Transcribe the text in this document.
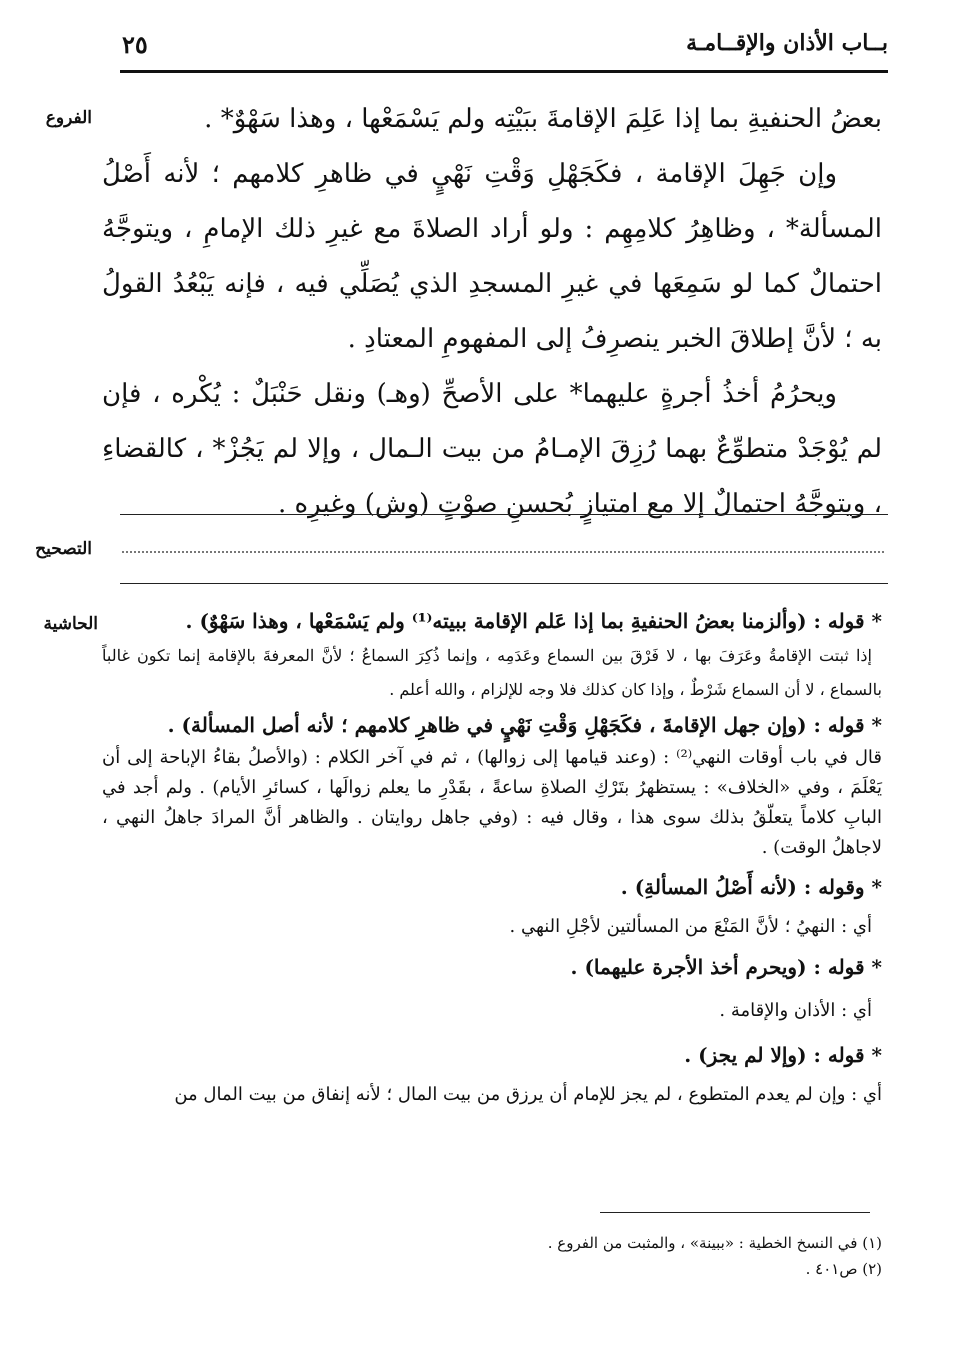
بــاب الأذان والإقــامـة
٢٥
الفروع
التصحيح
الحاشية

بعضُ الحنفيةِ بما إذا عَلِمَ الإقامةَ ببَيْتِه ولم يَسْمَعْها ، وهذا سَهْوٌ* .

وإن جَهِلَ الإقامة ، فكَجَهْلِ وَقْتِ نَهْيٍ في ظاهرِ كلامهم ؛ لأنه أَصْلُ المسألة* ، وظاهِرُ كلامِهِم : ولو أراد الصلاةَ مع غيرِ ذلك الإمامِ ، ويتوجَّهُ احتمالٌ كما لو سَمِعَها في غيرِ المسجدِ الذي يُصَلِّي فيه ، فإنه يَبْعُدُ القولُ به ؛ لأنَّ إطلاقَ الخبر ينصرِفُ إلى المفهومِ المعتادِ .

ويحرُمُ أخذُ أجرةٍ عليهما* على الأصحِّ (وهـ) ونقل حَنْبَلٌ : يُكْره ، فإن لم يُوْجَدْ متطوِّعٌ بهما رُزِقَ الإمـامُ من بيت الـمال ، وإلا لم يَجُزْ* ، كالقضاءِ ، ويتوجَّهُ احتمالٌ إلا مع امتيازٍ بُحسنِ صوْتٍ (وش) وغيرِه .

* قوله : (وألزمنا بعضُ الحنفيةِ بما إذا عَلم الإقامة ببيته⁽¹⁾ ولم يَسْمَعْها ، وهذا سَهْوٌ) .

إذا ثبتت الإقامةُ وعَرَفَ بها ، لا فَرْقَ بين السماع وعَدَمِه ، وإنما ذُكِرَ السماعُ ؛ لأنَّ المعرفةَ بالإقامة إنما تكون غالباً بالسماع ، لا أن السماع شَرْطٌ ، وإذا كان كذلك فلا وجه للإلزام ، والله أعلم .

* قوله : (وإن جهل الإقامةَ ، فكَجَهْلِ وَقْتِ نَهْيٍ في ظاهرِ كلامهم ؛ لأنه أصل المسألة) .

قال في باب أوقات النهي⁽²⁾ : (وعند قيامها إلى زوالها) ، ثم في آخر الكلام : (والأصلُ بقاءُ الإباحة إلى أن يَعْلَمَ ، وفي «الخلاف» : يستظهرُ بتَرْكِ الصلاةِ ساعةً ، بقَدْرِ ما يعلم زوالَها ، كسائرِ الأيام) . ولم أجد في البابِ كلاماً يتعلّقُ بذلك سوى هذا ، وقال فيه : (وفي جاهل روايتان . والظاهر أنَّ المرادَ جاهلُ النهي ، لاجاهلُ الوقت) .

* وقوله : (لأنه أَصْلُ المسألةِ) .

أي : النهيُ ؛ لأنَّ المَنْعَ من المسألتين لأجْلِ النهي .

* قوله : (ويحرم أخذ الأجرة عليهما) .

أي : الأذان والإقامة .

* قوله : (وإلا لم يجز) .

أي : وإن لم يعدم المتطوع ، لم يجز للإمام أن يرزق من بيت المال ؛ لأنه إنفاق من بيت المال من

(١) في النسخ الخطية : «ببينة» ، والمثبت من الفروع .

(٢) ص٤٠١ .
